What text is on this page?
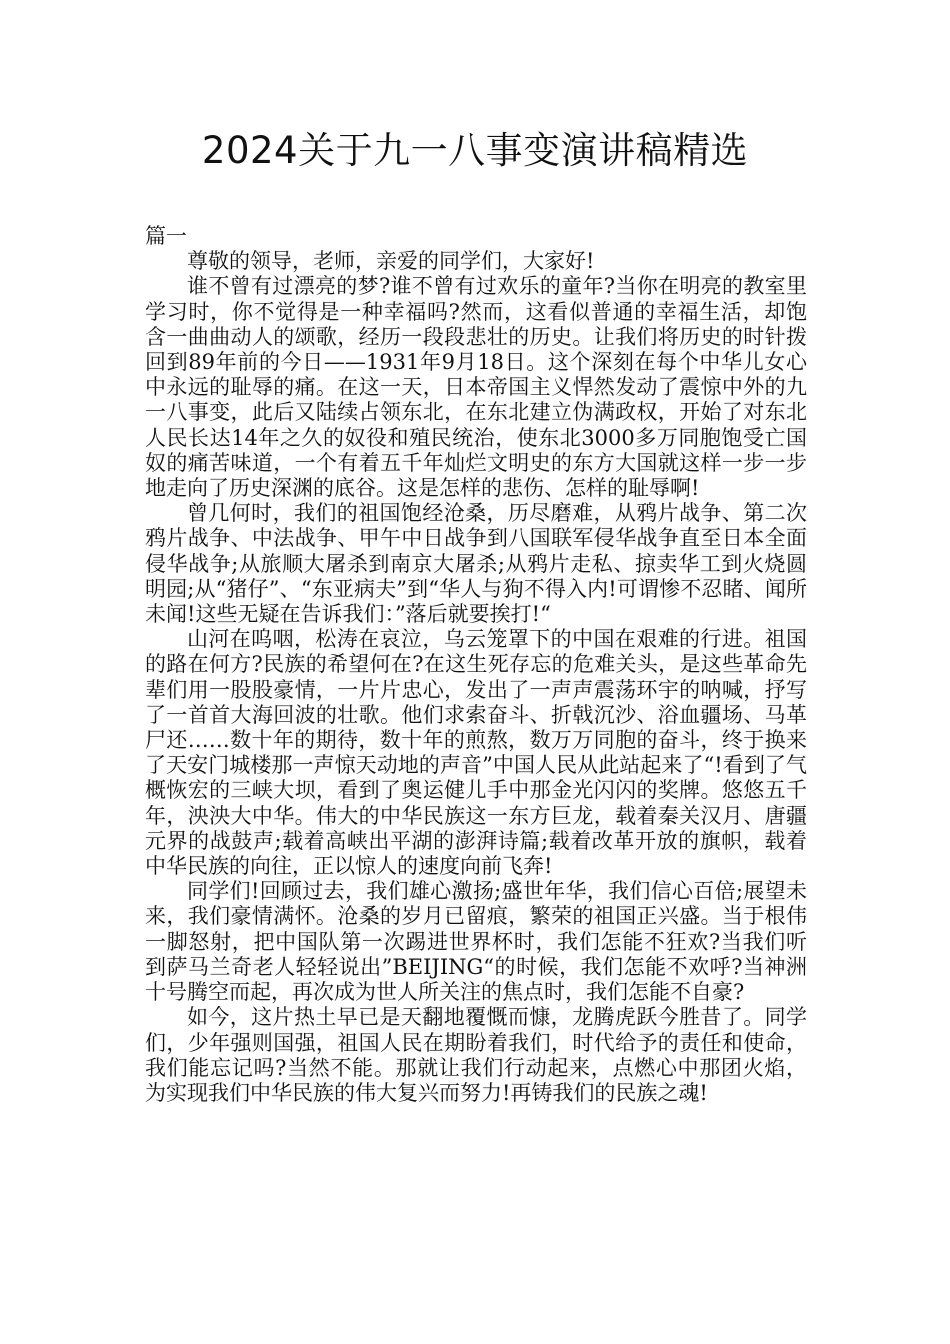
2024关于九一八事变演讲稿精选

篇一

尊敬的领导，老师，亲爱的同学们，大家好!

谁不曾有过漂亮的梦?谁不曾有过欢乐的童年?当你在明亮的教室里学习时，你不觉得是一种幸福吗?然而，这看似普通的幸福生活，却饱含一曲曲动人的颂歌，经历一段段悲壮的历史。让我们将历史的时针拨回到89年前的今日——1931年9月18日。这个深刻在每个中华儿女心中永远的耻辱的痛。在这一天，日本帝国主义悍然发动了震惊中外的九一八事变，此后又陆续占领东北，在东北建立伪满政权，开始了对东北人民长达14年之久的奴役和殖民统治，使东北3000多万同胞饱受亡国奴的痛苦味道，一个有着五千年灿烂文明史的东方大国就这样一步一步地走向了历史深渊的底谷。这是怎样的悲伤、怎样的耻辱啊!

曾几何时，我们的祖国饱经沧桑，历尽磨难，从鸦片战争、第二次鸦片战争、中法战争、甲午中日战争到八国联军侵华战争直至日本全面侵华战争;从旅顺大屠杀到南京大屠杀;从鸦片走私、掠卖华工到火烧圆明园;从“猪仔”、“东亚病夫”到“华人与狗不得入内!可谓惨不忍睹、闻所未闻!这些无疑在告诉我们：”落后就要挨打!“

山河在呜咽，松涛在哀泣，乌云笼罩下的中国在艰难的行进。祖国的路在何方?民族的希望何在?在这生死存忘的危难关头，是这些革命先辈们用一股股豪情，一片片忠心，发出了一声声震荡环宇的呐喊，抒写了一首首大海回波的壮歌。他们求索奋斗、折戟沉沙、浴血疆场、马革尸还……数十年的期待，数十年的煎熬，数万万同胞的奋斗，终于换来了天安门城楼那一声惊天动地的声音”中国人民从此站起来了“!看到了气概恢宏的三峡大坝，看到了奥运健儿手中那金光闪闪的奖牌。悠悠五千年，泱泱大中华。伟大的中华民族这一东方巨龙，载着秦关汉月、唐疆元界的战鼓声;载着高峡出平湖的澎湃诗篇;载着改革开放的旗帜，载着中华民族的向往，正以惊人的速度向前飞奔!

同学们!回顾过去，我们雄心激扬;盛世年华，我们信心百倍;展望未来，我们豪情满怀。沧桑的岁月已留痕，繁荣的祖国正兴盛。当于根伟一脚怒射，把中国队第一次踢进世界杯时，我们怎能不狂欢?当我们听到萨马兰奇老人轻轻说出”BEIJING“的时候，我们怎能不欢呼?当神洲十号腾空而起，再次成为世人所关注的焦点时，我们怎能不自豪?

如今，这片热土早已是天翻地覆慨而慷，龙腾虎跃今胜昔了。同学们，少年强则国强，祖国人民在期盼着我们，时代给予的责任和使命，我们能忘记吗?当然不能。那就让我们行动起来，点燃心中那团火焰，为实现我们中华民族的伟大复兴而努力!再铸我们的民族之魂!
